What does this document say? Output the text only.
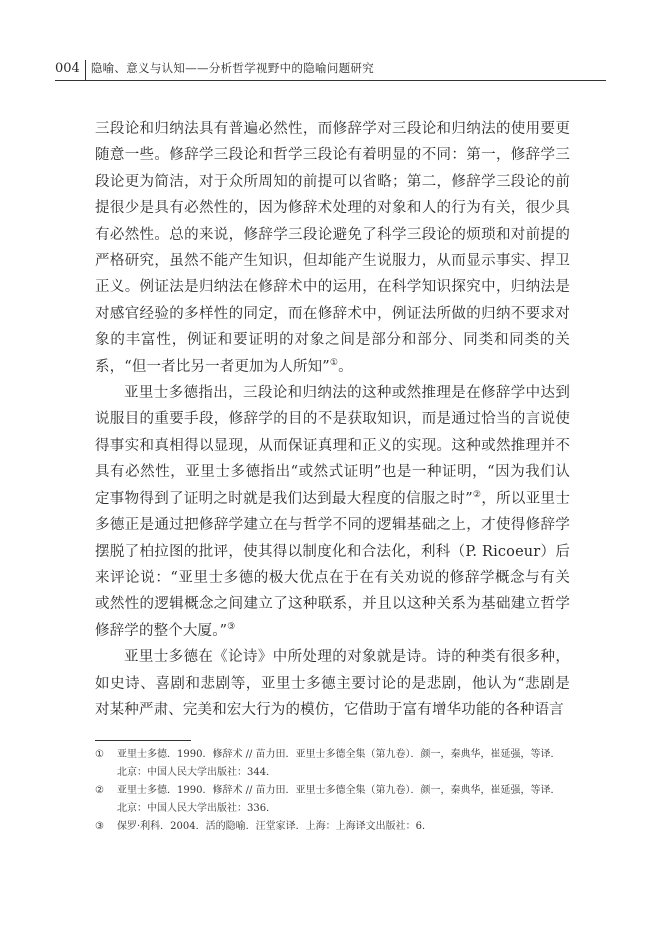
004 隐喻、意义与认知——分析哲学视野中的隐喻问题研究

三段论和归纳法具有普遍必然性，而修辞学对三段论和归纳法的使用要更随意一些。修辞学三段论和哲学三段论有着明显的不同：第一，修辞学三段论更为简洁，对于众所周知的前提可以省略；第二，修辞学三段论的前提很少是具有必然性的，因为修辞术处理的对象和人的行为有关，很少具有必然性。总的来说，修辞学三段论避免了科学三段论的烦琐和对前提的严格研究，虽然不能产生知识，但却能产生说服力，从而显示事实、捍卫正义。例证法是归纳法在修辞术中的运用，在科学知识探究中，归纳法是对感官经验的多样性的同定，而在修辞术中，例证法所做的归纳不要求对象的丰富性，例证和要证明的对象之间是部分和部分、同类和同类的关系，“但一者比另一者更加为人所知”①。

亚里士多德指出，三段论和归纳法的这种或然推理是在修辞学中达到说服目的重要手段，修辞学的目的不是获取知识，而是通过恰当的言说使得事实和真相得以显现，从而保证真理和正义的实现。这种或然推理并不具有必然性，亚里士多德指出“或然式证明”也是一种证明，“因为我们认定事物得到了证明之时就是我们达到最大程度的信服之时”②，所以亚里士多德正是通过把修辞学建立在与哲学不同的逻辑基础之上，才使得修辞学摆脱了柏拉图的批评，使其得以制度化和合法化，利科（P. Ricoeur）后来评论说：“亚里士多德的极大优点在于在有关劝说的修辞学概念与有关或然性的逻辑概念之间建立了这种联系，并且以这种关系为基础建立哲学修辞学的整个大厦。”③

亚里士多德在《论诗》中所处理的对象就是诗。诗的种类有很多种，如史诗、喜剧和悲剧等，亚里士多德主要讨论的是悲剧，他认为“悲剧是对某种严肃、完美和宏大行为的模仿，它借助于富有增华功能的各种语言

①	亚里士多德．1990．修辞术 // 苗力田．亚里士多德全集（第九卷）．颜一，秦典华，崔延强，等译．北京：中国人民大学出版社：344．
②	亚里士多德．1990．修辞术 // 苗力田．亚里士多德全集（第九卷）．颜一，秦典华，崔延强，等译．北京：中国人民大学出版社：336．
③	保罗·利科．2004．活的隐喻．汪堂家译．上海：上海译文出版社：6．
